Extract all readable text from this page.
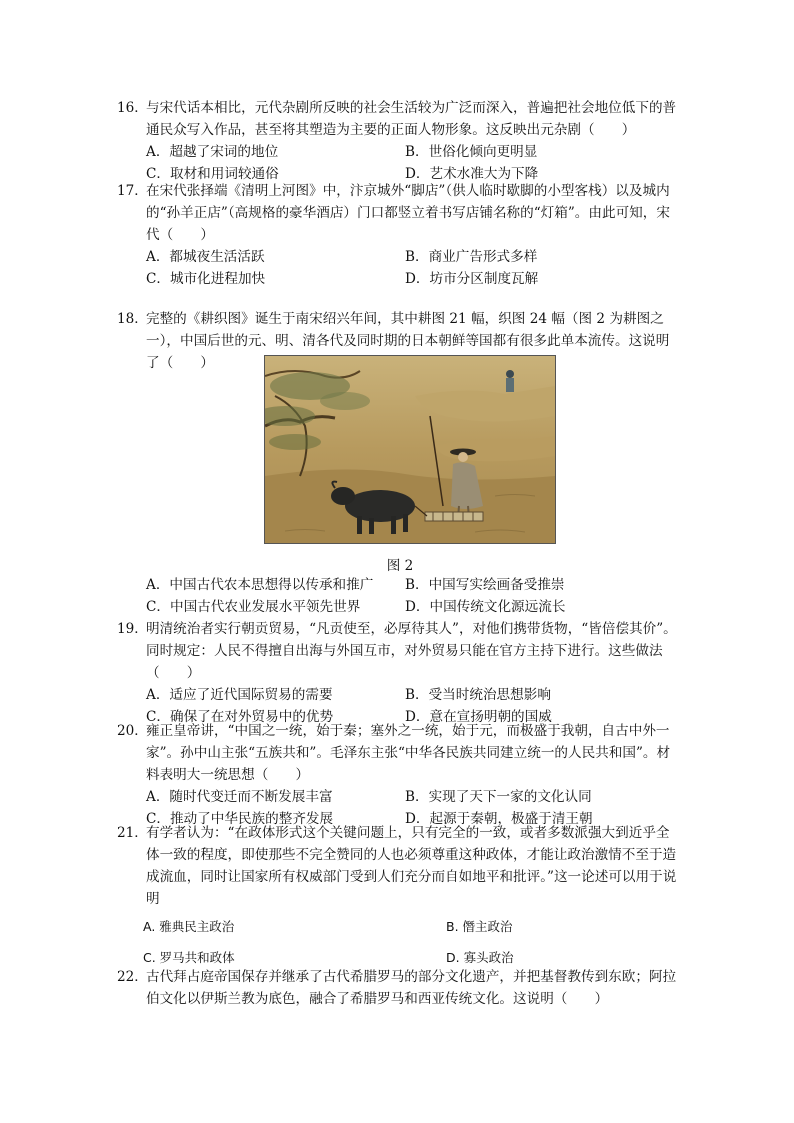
16．与宋代话本相比，元代杂剧所反映的社会生活较为广泛而深入，普遍把社会地位低下的普通民众写入作品，甚至将其塑造为主要的正面人物形象。这反映出元杂剧（　　）
A．超越了宋词的地位	B．世俗化倾向更明显
C．取材和用词较通俗	D．艺术水准大为下降
17．在宋代张择端《清明上河图》中，汴京城外“脚店”（供人临时歇脚的小型客栈）以及城内的“孙羊正店”（高规格的豪华酒店）门口都竖立着书写店铺名称的“灯箱”。由此可知，宋代（　　）
A．都城夜生活活跃	B．商业广告形式多样
C．城市化进程加快	D．坊市分区制度瓦解
18．完整的《耕织图》诞生于南宋绍兴年间，其中耕图 21 幅，织图 24 幅（图 2 为耕图之一），中国后世的元、明、清各代及同时期的日本朝鲜等国都有很多此单本流传。这说明了（　　）
图 2
A．中国古代农本思想得以传承和推广	B．中国写实绘画备受推崇
C．中国古代农业发展水平领先世界	D．中国传统文化源远流长
19．明清统治者实行朝贡贸易，“凡贡使至，必厚待其人”，对他们携带货物，“皆倍偿其价”。同时规定：人民不得擅自出海与外国互市，对外贸易只能在官方主持下进行。这些做法（　　）
A．适应了近代国际贸易的需要	B．受当时统治思想影响
C．确保了在对外贸易中的优势	D．意在宣扬明朝的国威
20．雍正皇帝讲，“中国之一统，始于秦；塞外之一统，始于元，而极盛于我朝，自古中外一家”。孙中山主张“五族共和”。毛泽东主张“中华各民族共同建立统一的人民共和国”。材料表明大一统思想（　　）
A．随时代变迁而不断发展丰富	B．实现了天下一家的文化认同
C．推动了中华民族的整齐发展	D．起源于秦朝，极盛于清王朝
21．有学者认为：“在政体形式这个关键问题上，只有完全的一致，或者多数派强大到近乎全体一致的程度，即使那些不完全赞同的人也必须尊重这种政体，才能让政治激情不至于造成流血，同时让国家所有权威部门受到人们充分而自如地平和批评。”这一论述可以用于说明
A. 雅典民主政治	B. 僭主政治
C. 罗马共和政体	D. 寡头政治
22．古代拜占庭帝国保存并继承了古代希腊罗马的部分文化遗产，并把基督教传到东欧；阿拉伯文化以伊斯兰教为底色，融合了希腊罗马和西亚传统文化。这说明（　　）
